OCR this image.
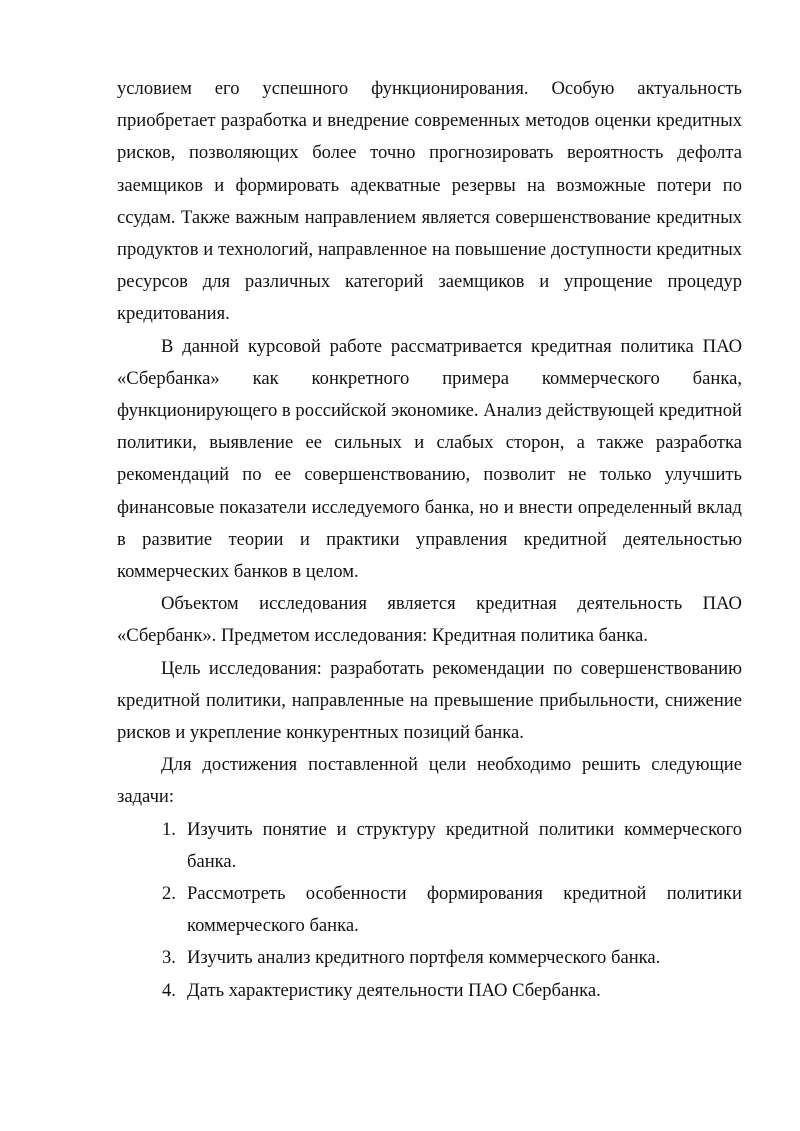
условием его успешного функционирования. Особую актуальность приобретает разработка и внедрение современных методов оценки кредитных рисков, позволяющих более точно прогнозировать вероятность дефолта заемщиков и формировать адекватные резервы на возможные потери по ссудам. Также важным направлением является совершенствование кредитных продуктов и технологий, направленное на повышение доступности кредитных ресурсов для различных категорий заемщиков и упрощение процедур кредитования.

В данной курсовой работе рассматривается кредитная политика ПАО «Сбербанка» как конкретного примера коммерческого банка, функционирующего в российской экономике. Анализ действующей кредитной политики, выявление ее сильных и слабых сторон, а также разработка рекомендаций по ее совершенствованию, позволит не только улучшить финансовые показатели исследуемого банка, но и внести определенный вклад в развитие теории и практики управления кредитной деятельностью коммерческих банков в целом.

Объектом исследования является кредитная деятельность ПАО «Сбербанк». Предметом исследования: Кредитная политика банка.

Цель исследования: разработать рекомендации по совершенствованию кредитной политики, направленные на превышение прибыльности, снижение рисков и укрепление конкурентных позиций банка.

Для достижения поставленной цели необходимо решить следующие задачи:

1. Изучить понятие и структуру кредитной политики коммерческого банка.
2. Рассмотреть особенности формирования кредитной политики коммерческого банка.
3. Изучить анализ кредитного портфеля коммерческого банка.
4. Дать характеристику деятельности ПАО Сбербанка.
